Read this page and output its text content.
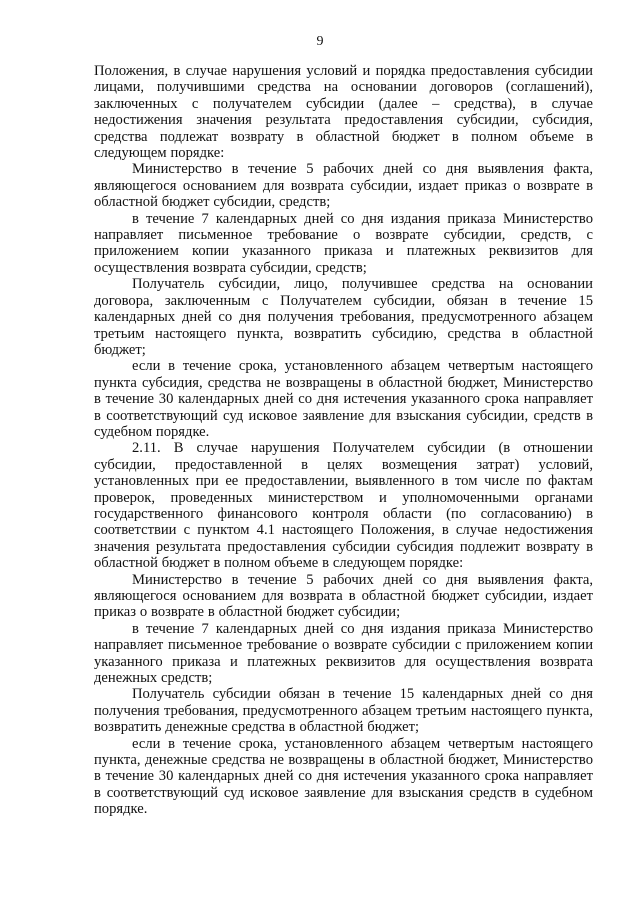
9

Положения, в случае нарушения условий и порядка предоставления субсидии лицами, получившими средства на основании договоров (соглашений), заключенных с получателем субсидии (далее – средства), в случае недостижения значения результата предоставления субсидии, субсидия, средства подлежат возврату в областной бюджет в полном объеме в следующем порядке:

Министерство в течение 5 рабочих дней со дня выявления факта, являющегося основанием для возврата субсидии, издает приказ о возврате в областной бюджет субсидии, средств;

в течение 7 календарных дней со дня издания приказа Министерство направляет письменное требование о возврате субсидии, средств, с приложением копии указанного приказа и платежных реквизитов для осуществления возврата субсидии, средств;

Получатель субсидии, лицо, получившее средства на основании договора, заключенным с Получателем субсидии, обязан в течение 15 календарных дней со дня получения требования, предусмотренного абзацем третьим настоящего пункта, возвратить субсидию, средства в областной бюджет;

если в течение срока, установленного абзацем четвертым настоящего пункта субсидия, средства не возвращены в областной бюджет, Министерство в течение 30 календарных дней со дня истечения указанного срока направляет в соответствующий суд исковое заявление для взыскания субсидии, средств в судебном порядке.

2.11. В случае нарушения Получателем субсидии (в отношении субсидии, предоставленной в целях возмещения затрат) условий, установленных при ее предоставлении, выявленного в том числе по фактам проверок, проведенных министерством и уполномоченными органами государственного финансового контроля области (по согласованию) в соответствии с пунктом 4.1 настоящего Положения, в случае недостижения значения результата предоставления субсидии субсидия подлежит возврату в областной бюджет в полном объеме в следующем порядке:

Министерство в течение 5 рабочих дней со дня выявления факта, являющегося основанием для возврата в областной бюджет субсидии, издает приказ о возврате в областной бюджет субсидии;

в течение 7 календарных дней со дня издания приказа Министерство направляет письменное требование о возврате субсидии с приложением копии указанного приказа и платежных реквизитов для осуществления возврата денежных средств;

Получатель субсидии обязан в течение 15 календарных дней со дня получения требования, предусмотренного абзацем третьим настоящего пункта, возвратить денежные средства в областной бюджет;

если в течение срока, установленного абзацем четвертым настоящего пункта, денежные средства не возвращены в областной бюджет, Министерство в течение 30 календарных дней со дня истечения указанного срока направляет в соответствующий суд исковое заявление для взыскания средств в судебном порядке.
